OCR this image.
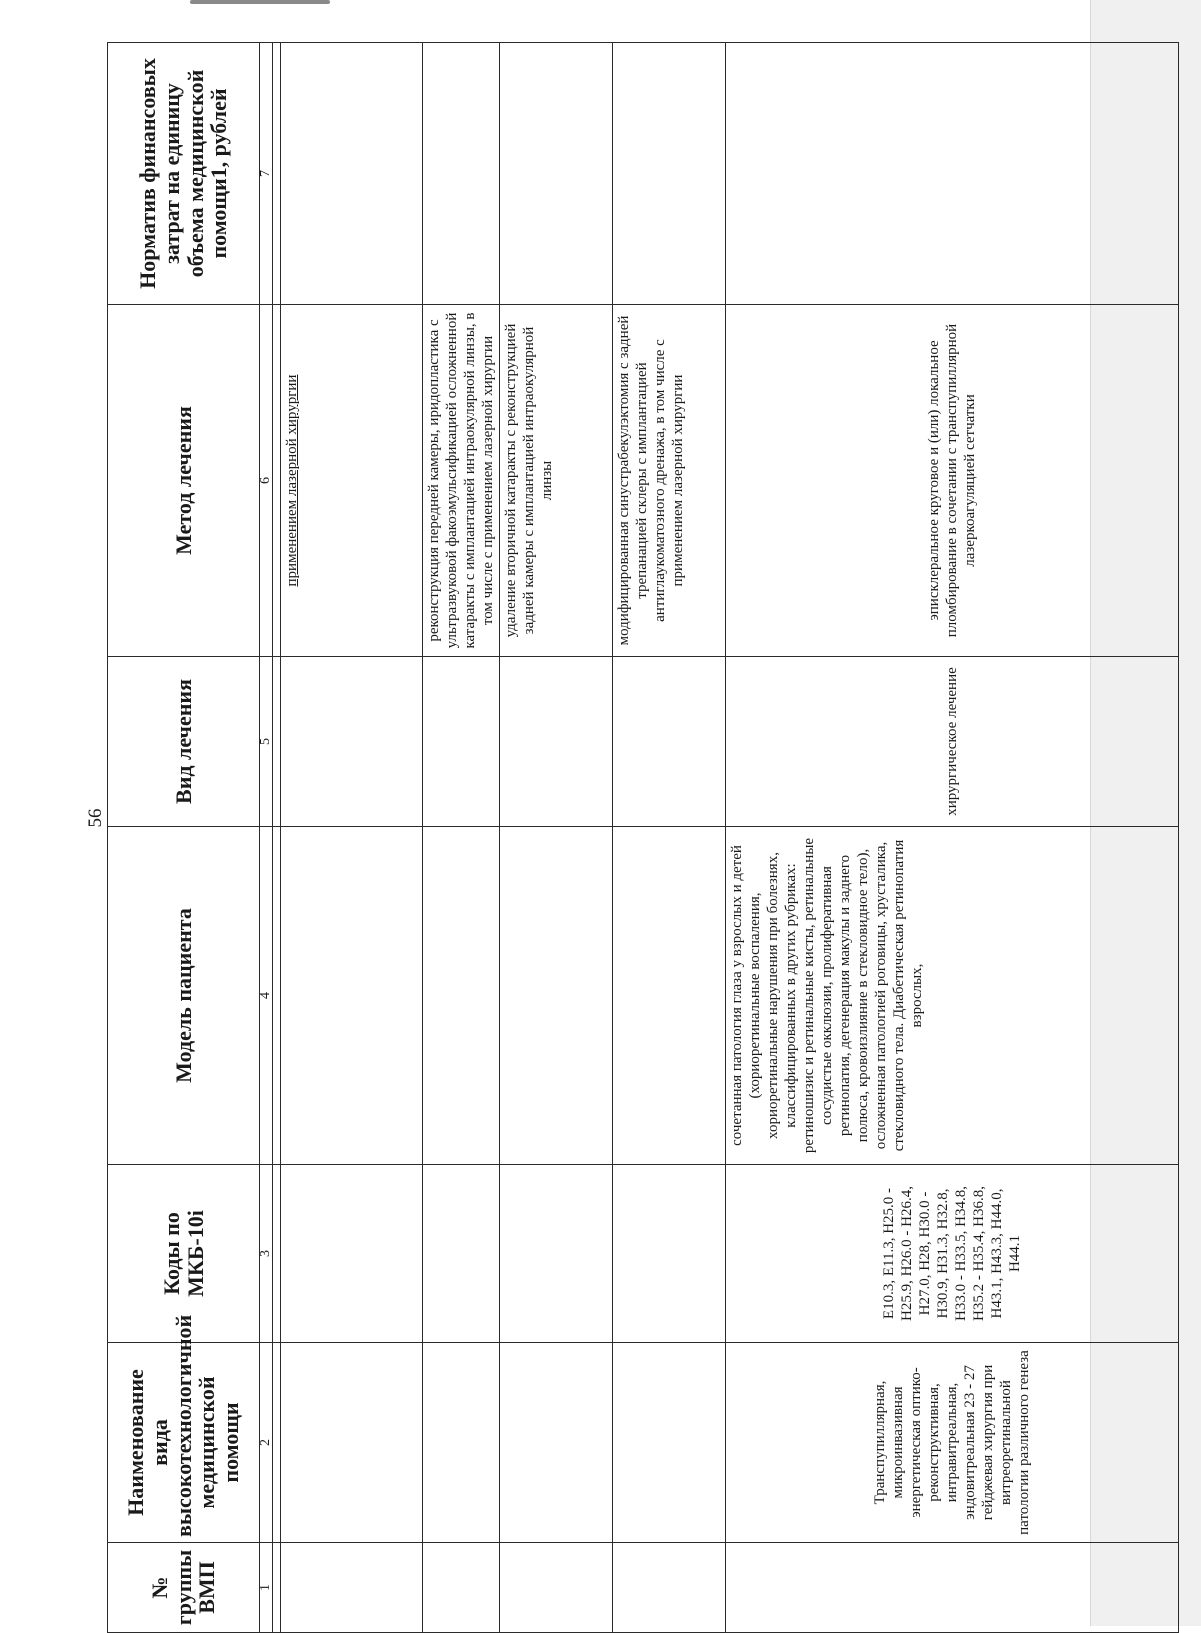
56
№ группы ВМП	Наименование вида высокотехнологичной медицинской помощи	Коды по МКБ-10i	Модель пациента	Вид лечения	Метод лечения	Норматив финансовых затрат на единицу объема медицинской помощи1, рублей
1	2	3	4	5	6	7

					применением лазерной хирургии	
					реконструкция передней камеры, иридопластика с ультразвуковой факоэмульсификацией осложненной катаракты с имплантацией интраокулярной линзы, в том числе с применением лазерной хирургии	
					удаление вторичной катаракты с реконструкцией задней камеры с имплантацией интраокулярной линзы	
					модифицированная синустрабекулэктомия с задней трепанацией склеры с имплантацией антиглаукоматозного дренажа, в том числе с применением лазерной хирургии	
	Транспупиллярная, микроинвазивная энергетическая оптико-реконструктивная, интравитреальная, эндовитреальная 23 - 27 гейджевая хирургия при витреоретинальной патологии различного генеза	E10.3, E11.3, H25.0 - H25.9, H26.0 - H26.4, H27.0, H28, H30.0 - H30.9, H31.3, H32.8, H33.0 - H33.5, H34.8, H35.2 - H35.4, H36.8, H43.1, H43.3, H44.0, H44.1	сочетанная патология глаза у взрослых и детей (хориоретинальные воспаления, хориоретинальные нарушения при болезнях, классифицированных в других рубриках: ретиношизис и ретинальные кисты, ретинальные сосудистые окклюзии, пролиферативная ретинопатия, дегенерация макулы и заднего полюса, кровоизлияние в стекловидное тело), осложненная патологией роговицы, хрусталика, стекловидного тела. Диабетическая ретинопатия взрослых,	хирургическое лечение	эписклеральное круговое и (или) локальное пломбирование в сочетании с транспупиллярной лазеркоагуляцией сетчатки	
